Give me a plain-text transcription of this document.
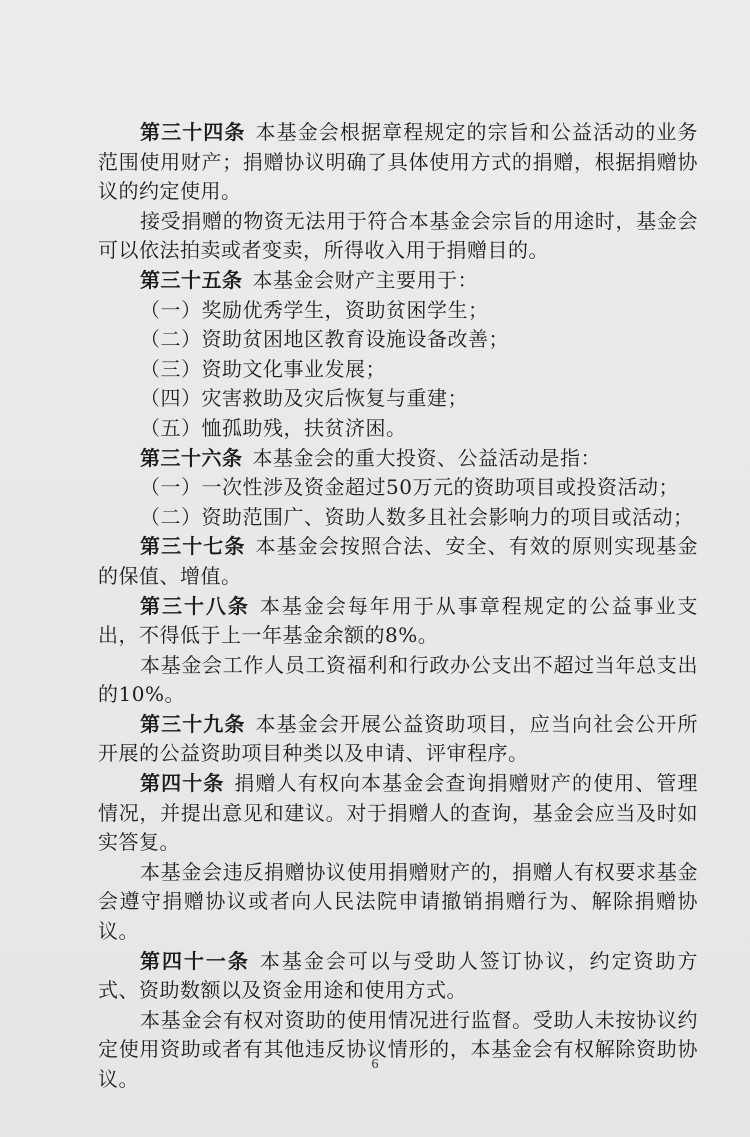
第三十四条 本基金会根据章程规定的宗旨和公益活动的业务范围使用财产；捐赠协议明确了具体使用方式的捐赠，根据捐赠协议的约定使用。

接受捐赠的物资无法用于符合本基金会宗旨的用途时，基金会可以依法拍卖或者变卖，所得收入用于捐赠目的。

第三十五条 本基金会财产主要用于：

（一）奖励优秀学生，资助贫困学生；

（二）资助贫困地区教育设施设备改善；

（三）资助文化事业发展；

（四）灾害救助及灾后恢复与重建；

（五）恤孤助残，扶贫济困。

第三十六条 本基金会的重大投资、公益活动是指：

（一）一次性涉及资金超过50万元的资助项目或投资活动；

（二）资助范围广、资助人数多且社会影响力的项目或活动；

第三十七条 本基金会按照合法、安全、有效的原则实现基金的保值、增值。

第三十八条 本基金会每年用于从事章程规定的公益事业支出，不得低于上一年基金余额的8%。

本基金会工作人员工资福利和行政办公支出不超过当年总支出的10%。

第三十九条 本基金会开展公益资助项目，应当向社会公开所开展的公益资助项目种类以及申请、评审程序。

第四十条 捐赠人有权向本基金会查询捐赠财产的使用、管理情况，并提出意见和建议。对于捐赠人的查询，基金会应当及时如实答复。

本基金会违反捐赠协议使用捐赠财产的，捐赠人有权要求基金会遵守捐赠协议或者向人民法院申请撤销捐赠行为、解除捐赠协议。

第四十一条 本基金会可以与受助人签订协议，约定资助方式、资助数额以及资金用途和使用方式。

本基金会有权对资助的使用情况进行监督。受助人未按协议约定使用资助或者有其他违反协议情形的，本基金会有权解除资助协议。

6
